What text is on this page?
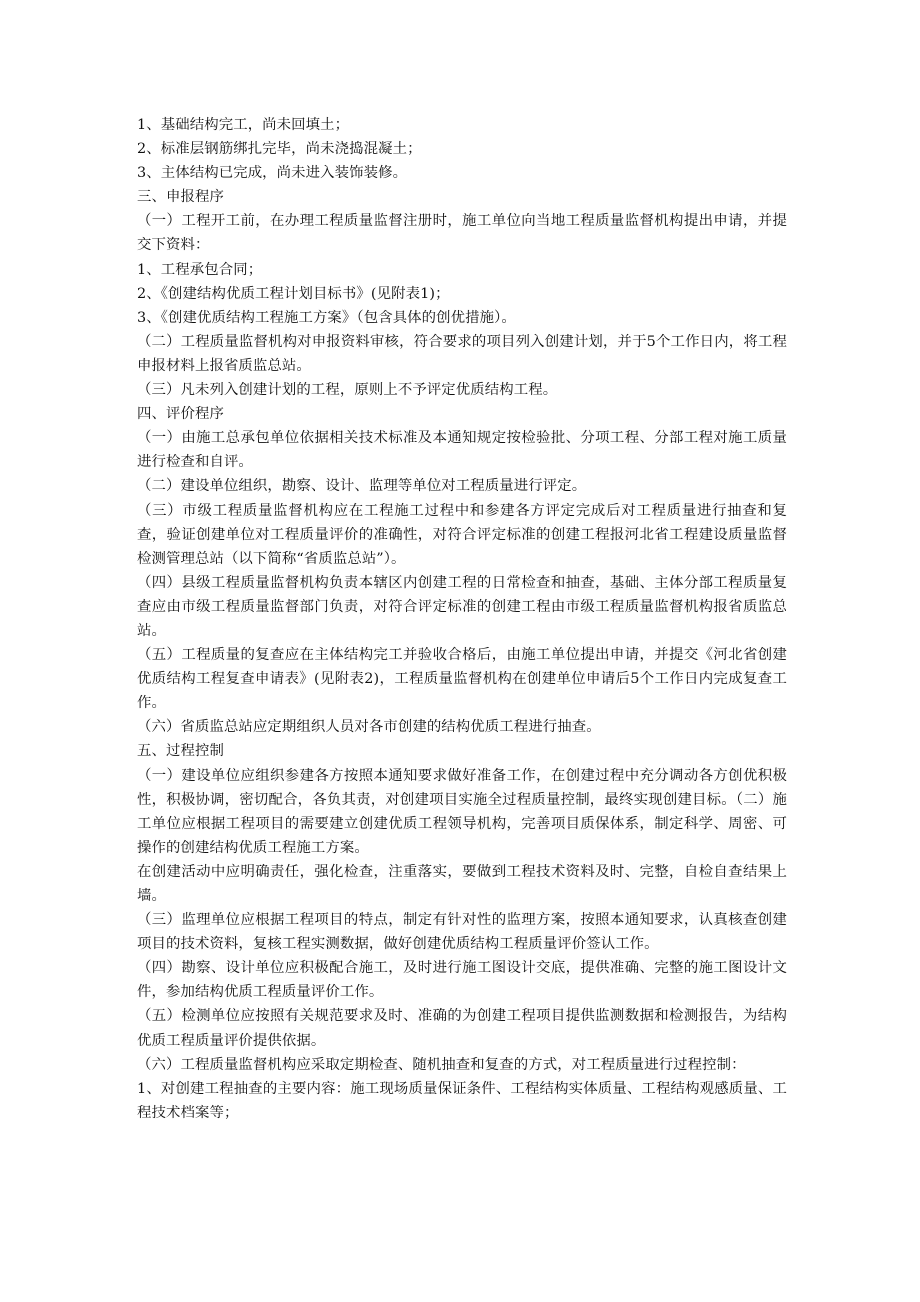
1、基础结构完工，尚未回填土；

2、标准层钢筋绑扎完毕，尚未浇捣混凝土；

3、主体结构已完成，尚未进入装饰装修。

三、申报程序

（一）工程开工前，在办理工程质量监督注册时，施工单位向当地工程质量监督机构提出申请，并提交下资料：

1、工程承包合同；

2、《创建结构优质工程计划目标书》(见附表1)；

3、《创建优质结构工程施工方案》（包含具体的创优措施）。

（二）工程质量监督机构对申报资料审核，符合要求的项目列入创建计划，并于5个工作日内，将工程申报材料上报省质监总站。

（三）凡未列入创建计划的工程，原则上不予评定优质结构工程。

四、评价程序

（一）由施工总承包单位依据相关技术标准及本通知规定按检验批、分项工程、分部工程对施工质量进行检查和自评。

（二）建设单位组织，勘察、设计、监理等单位对工程质量进行评定。

（三）市级工程质量监督机构应在工程施工过程中和参建各方评定完成后对工程质量进行抽查和复查，验证创建单位对工程质量评价的准确性，对符合评定标准的创建工程报河北省工程建设质量监督检测管理总站（以下简称“省质监总站”）。

（四）县级工程质量监督机构负责本辖区内创建工程的日常检查和抽查，基础、主体分部工程质量复查应由市级工程质量监督部门负责，对符合评定标准的创建工程由市级工程质量监督机构报省质监总站。

（五）工程质量的复查应在主体结构完工并验收合格后，由施工单位提出申请，并提交《河北省创建优质结构工程复查申请表》(见附表2)，工程质量监督机构在创建单位申请后5个工作日内完成复查工作。

（六）省质监总站应定期组织人员对各市创建的结构优质工程进行抽查。

五、过程控制

（一）建设单位应组织参建各方按照本通知要求做好准备工作，在创建过程中充分调动各方创优积极性，积极协调，密切配合，各负其责，对创建项目实施全过程质量控制，最终实现创建目标。（二）施工单位应根据工程项目的需要建立创建优质工程领导机构，完善项目质保体系，制定科学、周密、可操作的创建结构优质工程施工方案。

在创建活动中应明确责任，强化检查，注重落实，要做到工程技术资料及时、完整，自检自查结果上墙。

（三）监理单位应根据工程项目的特点，制定有针对性的监理方案，按照本通知要求，认真核查创建项目的技术资料，复核工程实测数据，做好创建优质结构工程质量评价签认工作。

（四）勘察、设计单位应积极配合施工，及时进行施工图设计交底，提供准确、完整的施工图设计文件，参加结构优质工程质量评价工作。

（五）检测单位应按照有关规范要求及时、准确的为创建工程项目提供监测数据和检测报告，为结构优质工程质量评价提供依据。

（六）工程质量监督机构应采取定期检查、随机抽查和复查的方式，对工程质量进行过程控制：

1、对创建工程抽查的主要内容：施工现场质量保证条件、工程结构实体质量、工程结构观感质量、工程技术档案等；
